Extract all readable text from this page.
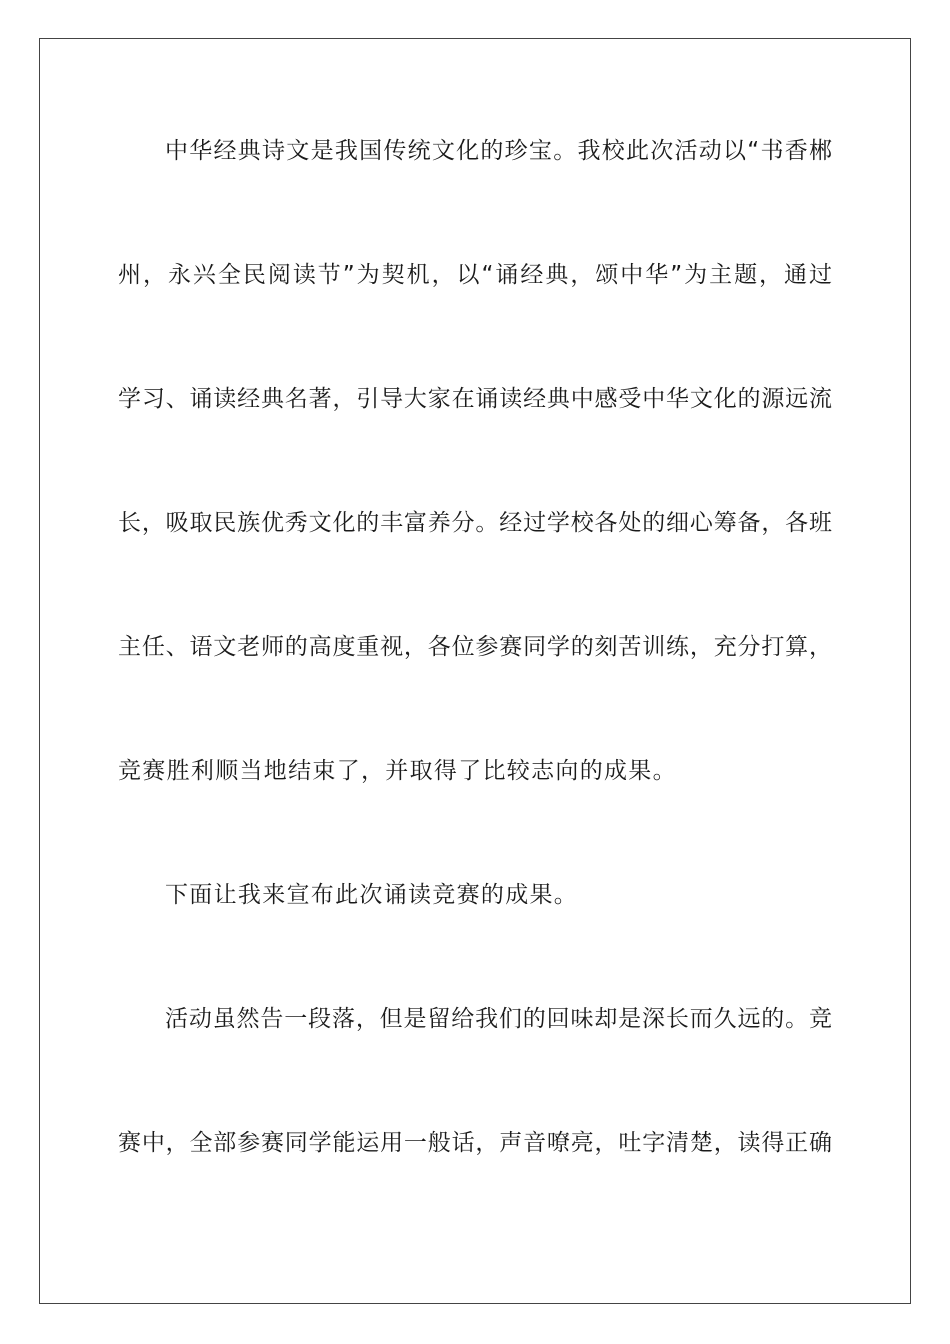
中华经典诗文是我国传统文化的珍宝。我校此次活动以“书香郴
州，永兴全民阅读节”为契机，以“诵经典，颂中华”为主题，通过
学习、诵读经典名著，引导大家在诵读经典中感受中华文化的源远流
长，吸取民族优秀文化的丰富养分。经过学校各处的细心筹备，各班
主任、语文老师的高度重视，各位参赛同学的刻苦训练，充分打算，
竞赛胜利顺当地结束了，并取得了比较志向的成果。
下面让我来宣布此次诵读竞赛的成果。
活动虽然告一段落，但是留给我们的回味却是深长而久远的。竞
赛中，全部参赛同学能运用一般话，声音嘹亮，吐字清楚，读得正确
